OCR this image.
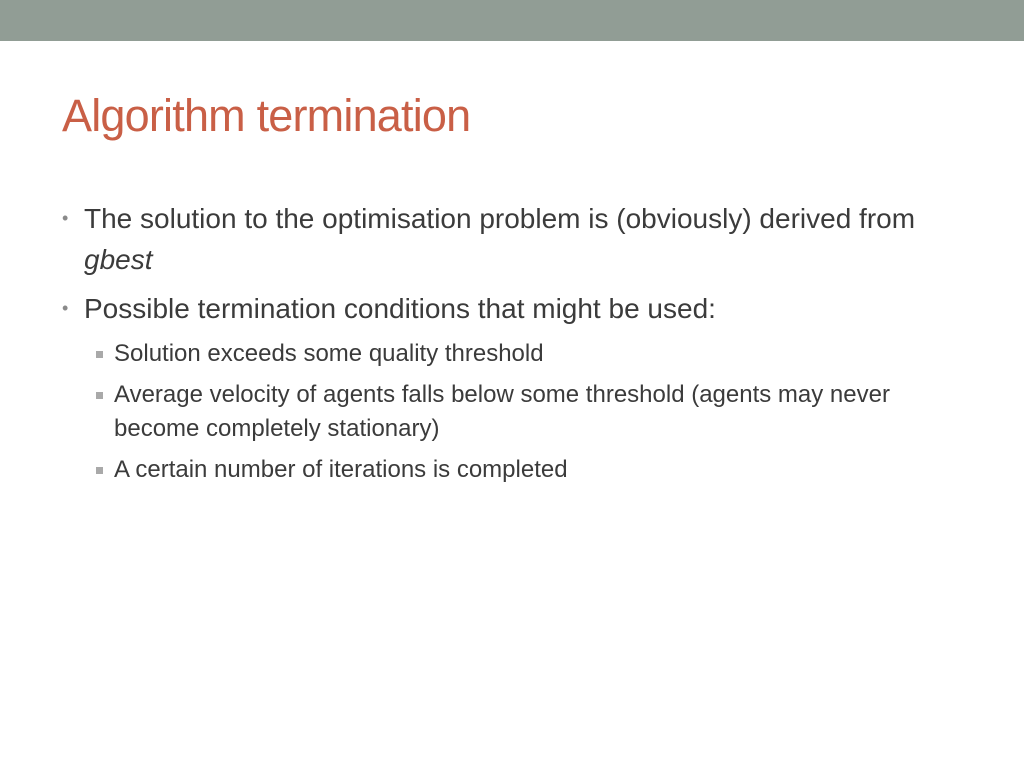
Algorithm termination
• The solution to the optimisation problem is (obviously) derived from gbest
• Possible termination conditions that might be used:
Solution exceeds some quality threshold
Average velocity of agents falls below some threshold (agents may never become completely stationary)
A certain number of iterations is completed
